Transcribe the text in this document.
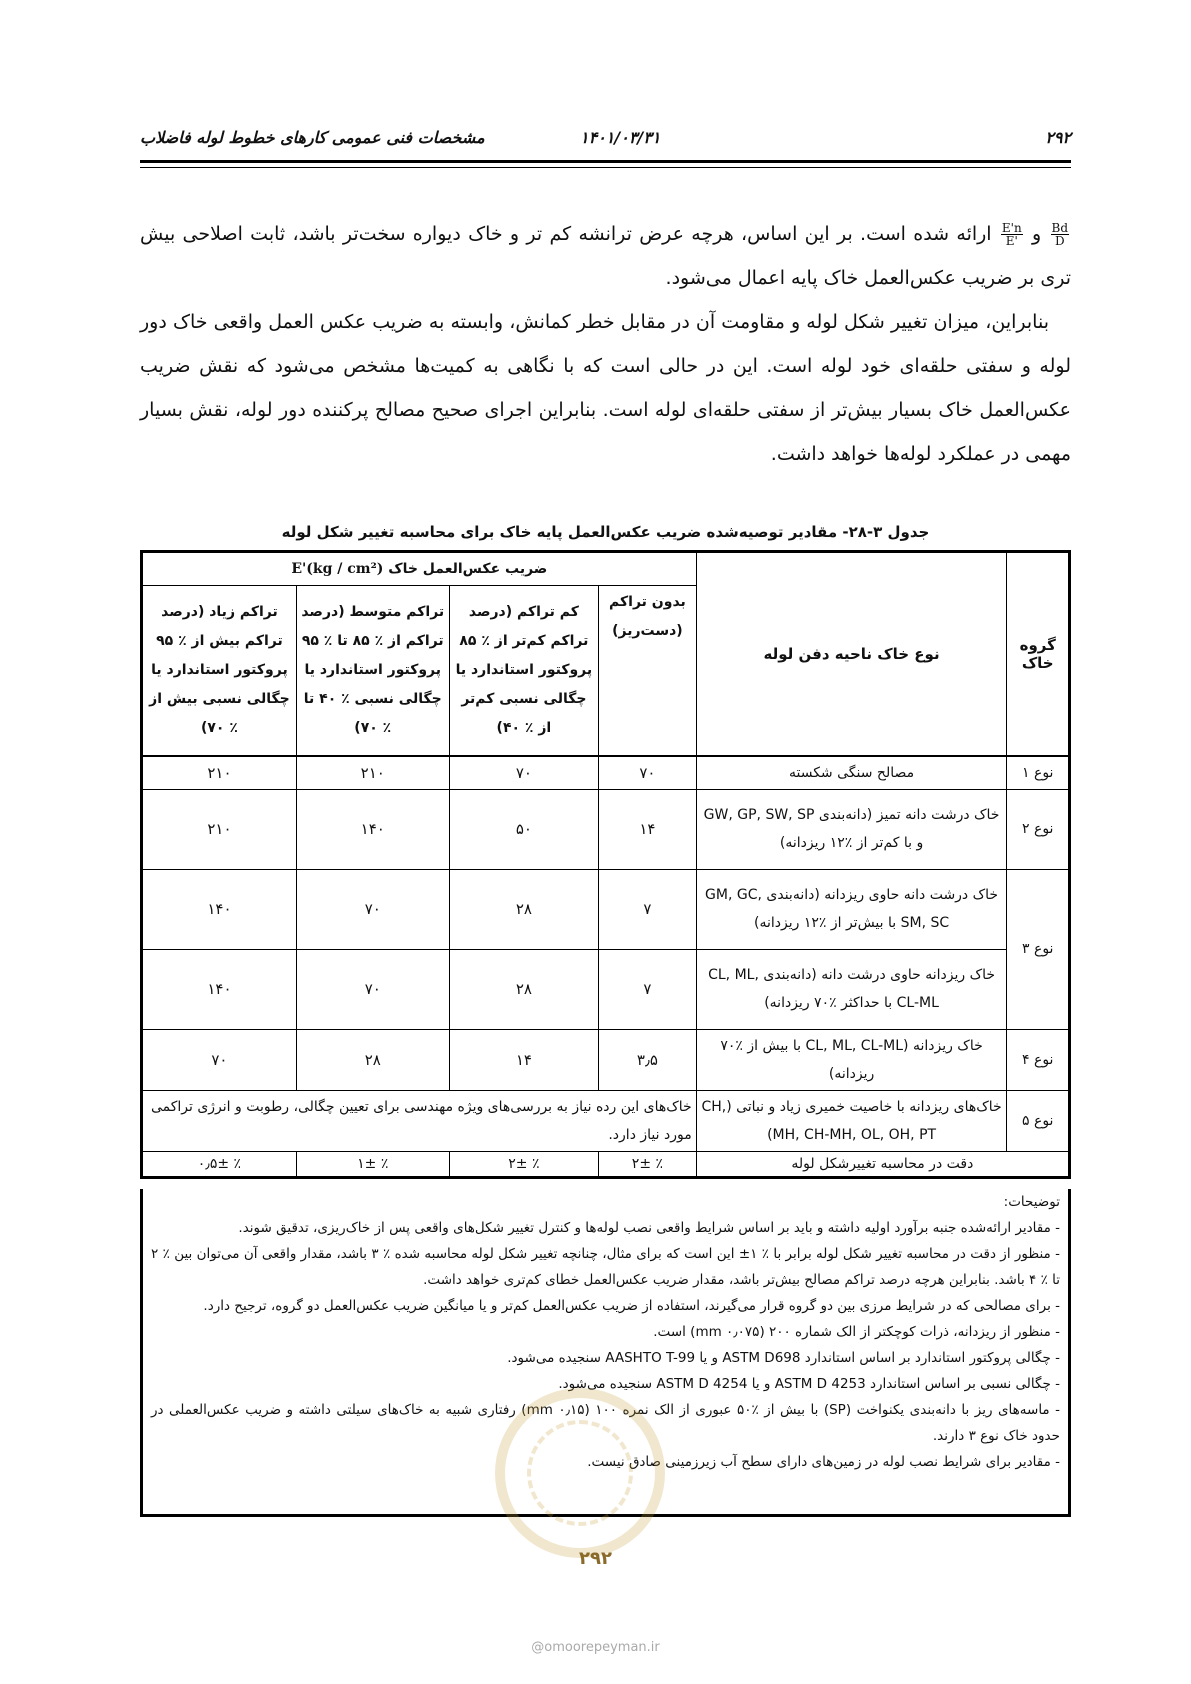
۲۹۲
۱۴۰۱/۰۳/۳۱
مشخصات فنی عمومی کارهای خطوط لوله فاضلاب

$\frac{Bd}{D}$
و
$\frac{E'n}{E'}$
ارائه شده است. بر این اساس، هرچه عرض ترانشه کم تر و خاک دیواره سخت‌تر باشد، ثابت اصلاحی بیش تری بر ضریب عکس‌العمل خاک پایه اعمال می‌شود.

بنابراین، میزان تغییر شکل لوله و مقاومت آن در مقابل خطر کمانش، وابسته به ضریب عکس العمل واقعی خاک دور لوله و سفتی حلقه‌ای خود لوله است. این در حالی است که با نگاهی به کمیت‌ها مشخص می‌شود که نقش ضریب عکس‌العمل خاک بسیار بیش‌تر از سفتی حلقه‌ای لوله است. بنابراین اجرای صحیح مصالح پرکننده دور لوله، نقش بسیار مهمی در عملکرد لوله‌ها خواهد داشت.

جدول ۳-۲۸- مقادیر توصیه‌شده ضریب عکس‌العمل پایه خاک برای محاسبه تغییر شکل لوله
گروه خاک	نوع خاک ناحیه دفن لوله	ضریب عکس‌العمل خاک E'(kg / cm²)			
		بدون تراکم (دست‌ریز)	کم تراکم (درصد تراکم کم‌تر از ٪ ۸۵ پروکتور استاندارد یا چگالی نسبی کم‌تر از ٪ ۴۰)	تراکم متوسط (درصد تراکم از ٪ ۸۵ تا ٪ ۹۵ پروکتور استاندارد یا چگالی نسبی ٪ ۴۰ تا ٪ ۷۰)	تراکم زیاد (درصد تراکم بیش از ٪ ۹۵ پروکتور استاندارد یا چگالی نسبی بیش از ٪ ۷۰)
نوع ۱	مصالح سنگی شکسته	۷۰	۷۰	۲۱۰	۲۱۰
نوع ۲	خاک درشت دانه تمیز (دانه‌بندی GW, GP, SW, SP و با کم‌تر از ٪۱۲ ریزدانه)	۱۴	۵۰	۱۴۰	۲۱۰
نوع ۳	خاک درشت دانه حاوی ریزدانه (دانه‌بندی GM, GC, SM, SC با بیش‌تر از ٪۱۲ ریزدانه)	۷	۲۸	۷۰	۱۴۰
	خاک ریزدانه حاوی درشت دانه (دانه‌بندی CL, ML, CL-ML با حداکثر ٪۷۰ ریزدانه)	۷	۲۸	۷۰	۱۴۰
نوع ۴	خاک ریزدانه (CL, ML, CL-ML با بیش از ٪۷۰ ریزدانه)	۳٫۵	۱۴	۲۸	۷۰
نوع ۵	خاک‌های ریزدانه با خاصیت خمیری زیاد و نباتی (CH, MH, CH-MH, OL, OH, PT)	خاک‌های این رده نیاز به بررسی‌های ویژه مهندسی برای تعیین چگالی، رطوبت و انرژی تراکمی مورد نیاز دارد.			
دقت در محاسبه تغییرشکل لوله		٪ ۲±	٪ ۲±	٪ ۱±	٪ ۰٫۵±

توضیحات:

- مقادیر ارائه‌شده جنبه برآورد اولیه داشته و باید بر اساس شرایط واقعی نصب لوله‌ها و کنترل تغییر شکل‌های واقعی پس از خاک‌ریزی، تدقیق شوند.

- منظور از دقت در محاسبه تغییر شکل لوله برابر با ٪ ۱± این است که برای مثال، چنانچه تغییر شکل لوله محاسبه شده ٪ ۳ باشد، مقدار واقعی آن می‌توان بین ٪ ۲ تا ٪ ۴ باشد. بنابراین هرچه درصد تراکم مصالح بیش‌تر باشد، مقدار ضریب عکس‌العمل خطای کم‌تری خواهد داشت.

- برای مصالحی که در شرایط مرزی بین دو گروه قرار می‌گیرند، استفاده از ضریب عکس‌العمل کم‌تر و یا میانگین ضریب عکس‌العمل دو گروه، ترجیح دارد.

- منظور از ریزدانه، ذرات کوچکتر از الک شماره ۲۰۰ (۰٫۰۷۵ mm) است.

- چگالی پروکتور استاندارد بر اساس استاندارد ASTM D698 و یا AASHTO T-99 سنجیده می‌شود.

- چگالی نسبی بر اساس استاندارد ASTM D 4253 و یا ASTM D 4254 سنجیده می‌شود.

- ماسه‌های ریز با دانه‌بندی یکنواخت (SP) با بیش از ٪۵۰ عبوری از الک نمره ۱۰۰ (۰٫۱۵ mm) رفتاری شبیه به خاک‌های سیلتی داشته و ضریب عکس‌العملی در حدود خاک نوع ۳ دارند.

- مقادیر برای شرایط نصب لوله در زمین‌های دارای سطح آب زیرزمینی صادق نیست.

۲۹۲
@omoorepeyman.ir
